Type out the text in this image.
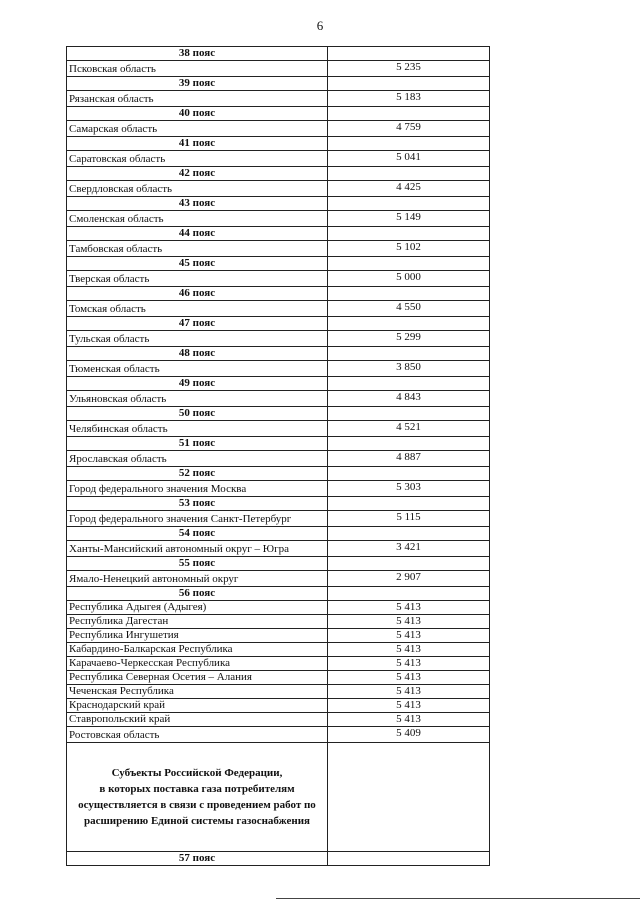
6
38 пояс	
Псковская область	5 235
39 пояс	
Рязанская область	5 183
40 пояс	
Самарская область	4 759
41 пояс	
Саратовская область	5 041
42 пояс	
Свердловская область	4 425
43 пояс	
Смоленская область	5 149
44 пояс	
Тамбовская область	5 102
45 пояс	
Тверская область	5 000
46 пояс	
Томская область	4 550
47 пояс	
Тульская область	5 299
48 пояс	
Тюменская область	3 850
49 пояс	
Ульяновская область	4 843
50 пояс	
Челябинская область	4 521
51 пояс	
Ярославская область	4 887
52 пояс	
Город федерального значения Москва	5 303
53 пояс	
Город федерального значения Санкт-Петербург	5 115
54 пояс	
Ханты-Мансийский автономный округ – Югра	3 421
55 пояс	
Ямало-Ненецкий автономный округ	2 907
56 пояс	
Республика Адыгея (Адыгея)	5 413
Республика Дагестан	5 413
Республика Ингушетия	5 413
Кабардино-Балкарская Республика	5 413
Карачаево-Черкесская Республика	5 413
Республика Северная Осетия – Алания	5 413
Чеченская Республика	5 413
Краснодарский край	5 413
Ставропольский край	5 413
Ростовская область	5 409

Субъекты Российской Федерации,
в которых поставка газа потребителям
осуществляется в связи с проведением работ по
расширению Единой системы газоснабжения	

57 пояс	
